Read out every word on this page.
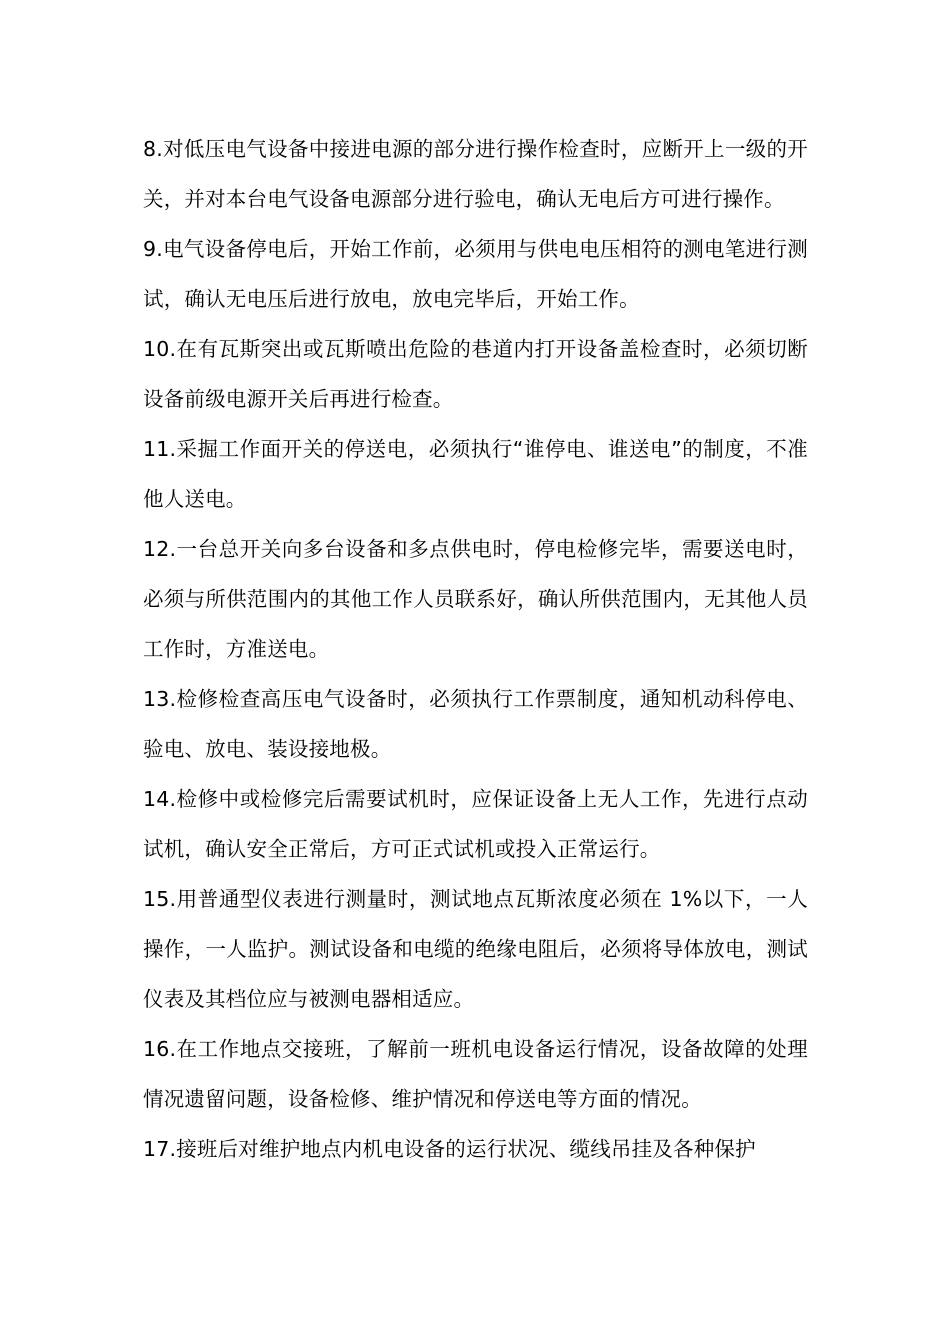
8.对低压电气设备中接进电源的部分进行操作检查时，应断开上一级的开关，并对本台电气设备电源部分进行验电，确认无电后方可进行操作。

9.电气设备停电后，开始工作前，必须用与供电电压相符的测电笔进行测试，确认无电压后进行放电，放电完毕后，开始工作。

10.在有瓦斯突出或瓦斯喷出危险的巷道内打开设备盖检查时，必须切断设备前级电源开关后再进行检查。

11.采掘工作面开关的停送电，必须执行“谁停电、谁送电”的制度，不准他人送电。

12.一台总开关向多台设备和多点供电时，停电检修完毕，需要送电时，必须与所供范围内的其他工作人员联系好，确认所供范围内，无其他人员工作时，方准送电。

13.检修检查高压电气设备时，必须执行工作票制度，通知机动科停电、验电、放电、装设接地极。

14.检修中或检修完后需要试机时，应保证设备上无人工作，先进行点动试机，确认安全正常后，方可正式试机或投入正常运行。

15.用普通型仪表进行测量时，测试地点瓦斯浓度必须在 1%以下，一人操作，一人监护。测试设备和电缆的绝缘电阻后，必须将导体放电，测试仪表及其档位应与被测电器相适应。

16.在工作地点交接班，了解前一班机电设备运行情况，设备故障的处理情况遗留问题，设备检修、维护情况和停送电等方面的情况。

17.接班后对维护地点内机电设备的运行状况、缆线吊挂及各种保护
